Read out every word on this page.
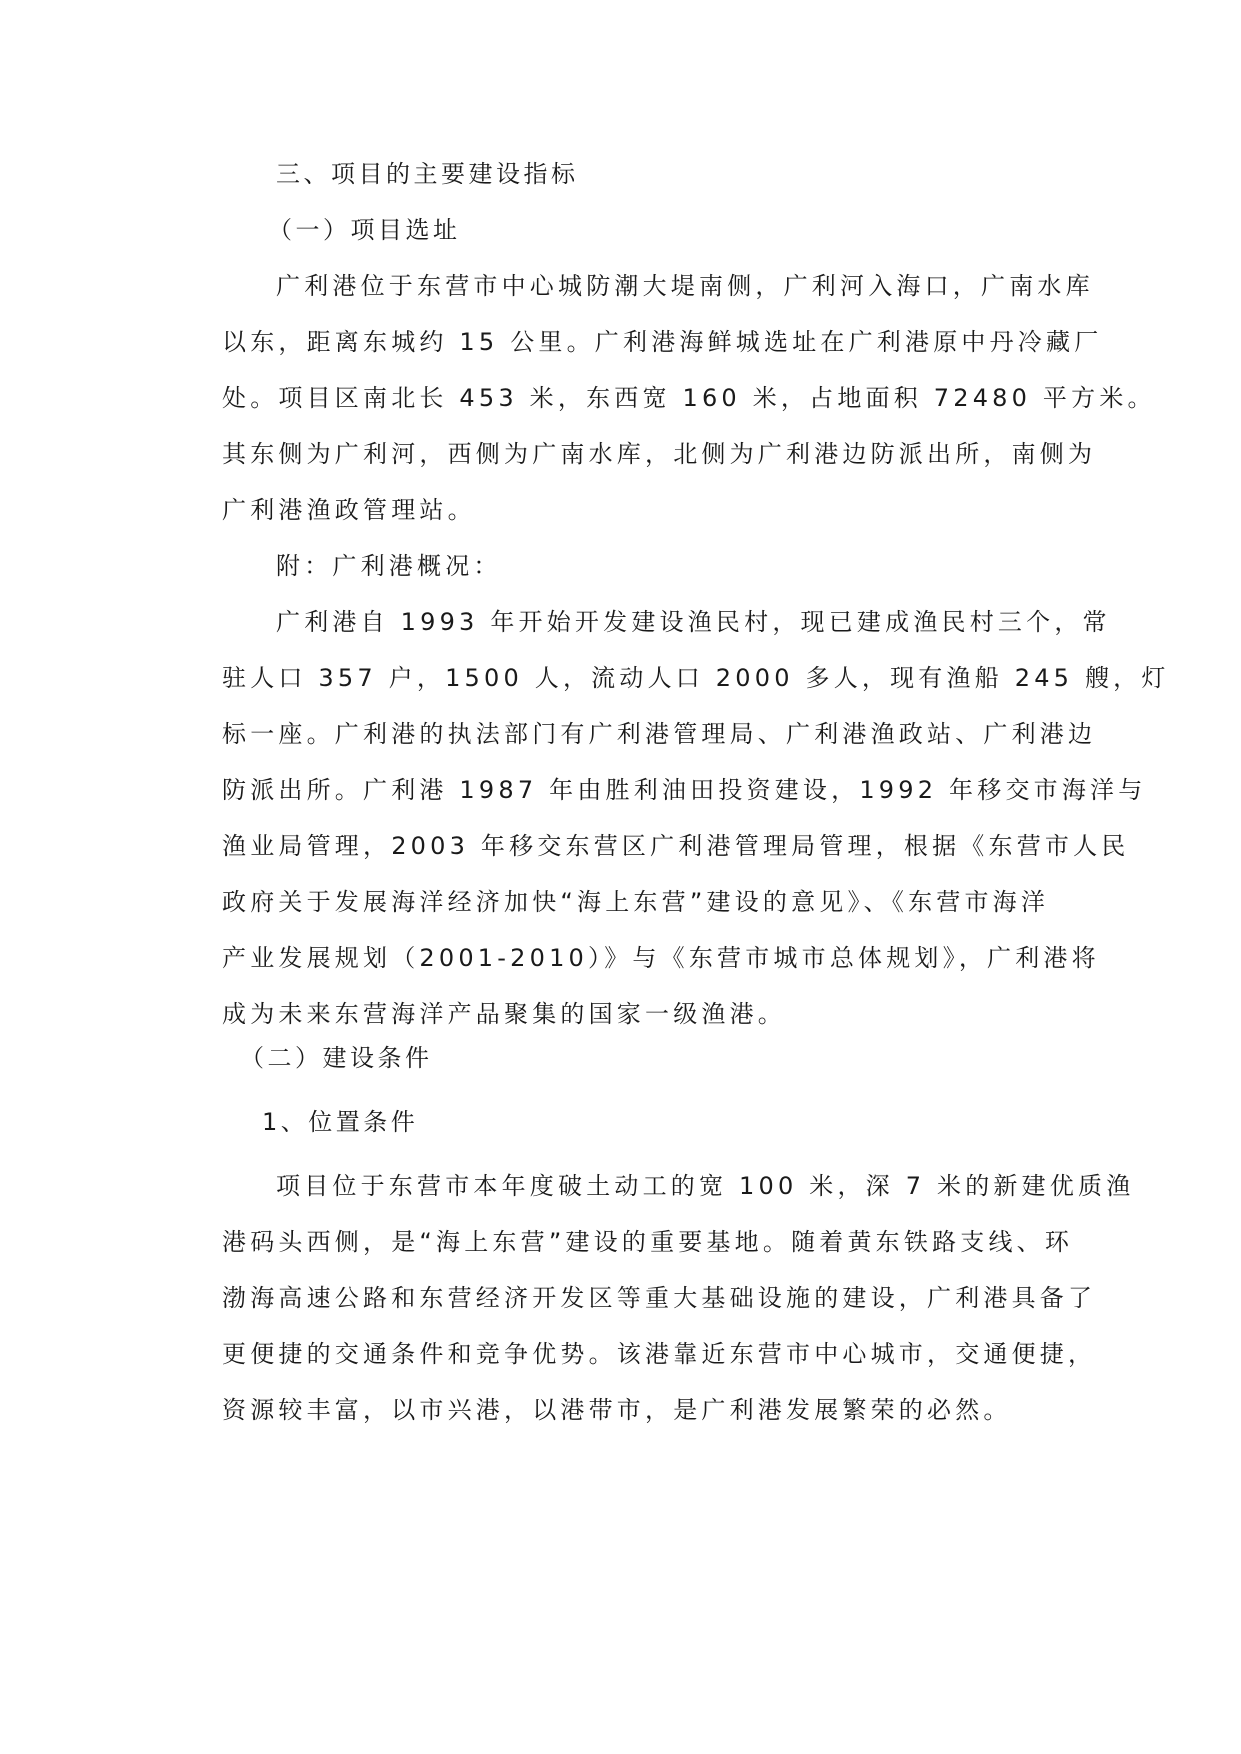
三、项目的主要建设指标
（一）项目选址
广利港位于东营市中心城防潮大堤南侧，广利河入海口，广南水库
以东，距离东城约 15 公里。广利港海鲜城选址在广利港原中丹冷藏厂
处。项目区南北长 453 米，东西宽 160 米，占地面积 72480 平方米。
其东侧为广利河，西侧为广南水库，北侧为广利港边防派出所，南侧为
广利港渔政管理站。
附：广利港概况：
广利港自 1993 年开始开发建设渔民村，现已建成渔民村三个，常
驻人口 357 户，1500 人，流动人口 2000 多人，现有渔船 245 艘，灯
标一座。广利港的执法部门有广利港管理局、广利港渔政站、广利港边
防派出所。广利港 1987 年由胜利油田投资建设，1992 年移交市海洋与
渔业局管理，2003 年移交东营区广利港管理局管理，根据《东营市人民
政府关于发展海洋经济加快“海上东营”建设的意见》、《东营市海洋
产业发展规划（2001-2010）》与《东营市城市总体规划》，广利港将
成为未来东营海洋产品聚集的国家一级渔港。
（二）建设条件
1、位置条件
项目位于东营市本年度破土动工的宽 100 米，深 7 米的新建优质渔
港码头西侧，是“海上东营”建设的重要基地。随着黄东铁路支线、环
渤海高速公路和东营经济开发区等重大基础设施的建设，广利港具备了
更便捷的交通条件和竞争优势。该港靠近东营市中心城市，交通便捷，
资源较丰富，以市兴港，以港带市，是广利港发展繁荣的必然。
